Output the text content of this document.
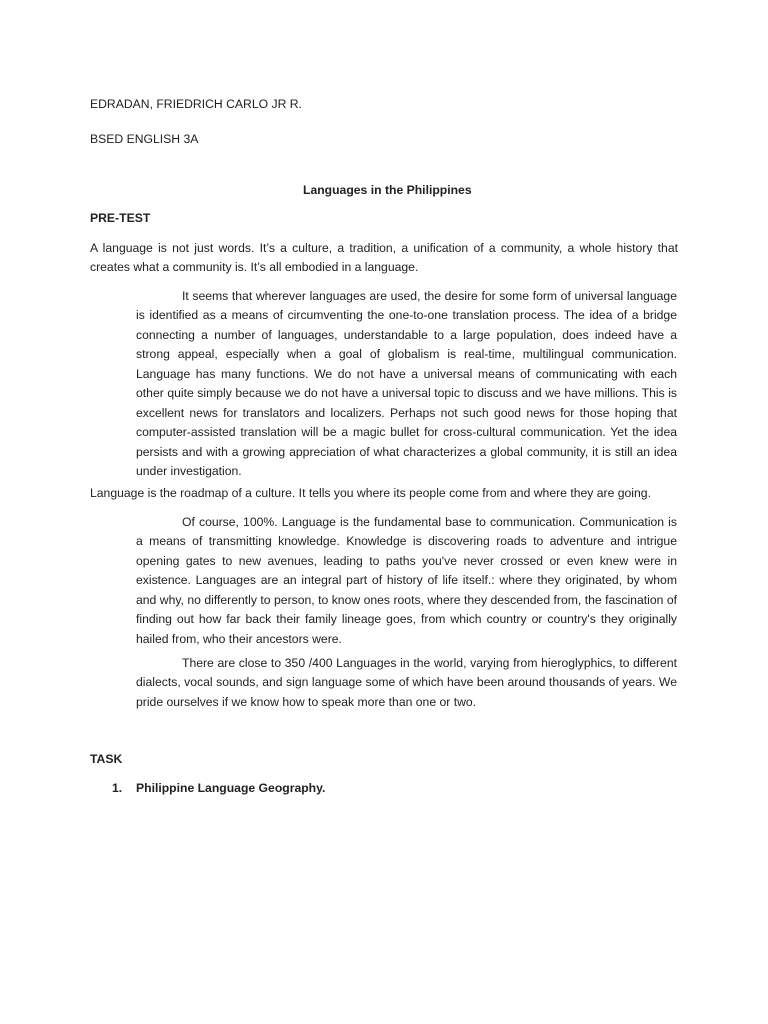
EDRADAN, FRIEDRICH CARLO JR R.
BSED ENGLISH 3A
Languages in the Philippines
PRE-TEST

A language is not just words. It’s a culture, a tradition, a unification of a community, a whole history that creates what a community is. It’s all embodied in a language.

It seems that wherever languages are used, the desire for some form of universal language is identified as a means of circumventing the one-to-one translation process. The idea of a bridge connecting a number of languages, understandable to a large population, does indeed have a strong appeal, especially when a goal of globalism is real-time, multilingual communication. Language has many functions. We do not have a universal means of communicating with each other quite simply because we do not have a universal topic to discuss and we have millions. This is excellent news for translators and localizers. Perhaps not such good news for those hoping that computer-assisted translation will be a magic bullet for cross-cultural communication. Yet the idea persists and with a growing appreciation of what characterizes a global community, it is still an idea under investigation.

Language is the roadmap of a culture. It tells you where its people come from and where they are going.

Of course, 100%. Language is the fundamental base to communication. Communication is a means of transmitting knowledge. Knowledge is discovering roads to adventure and intrigue opening gates to new avenues, leading to paths you've never crossed or even knew were in existence. Languages are an integral part of history of life itself.: where they originated, by whom and why, no differently to person, to know ones roots, where they descended from, the fascination of finding out how far back their family lineage goes, from which country or country's they originally hailed from, who their ancestors were.

There are close to 350 /400 Languages in the world, varying from hieroglyphics, to different dialects, vocal sounds, and sign language some of which have been around thousands of years. We pride ourselves if we know how to speak more than one or two.

TASK
1. Philippine Language Geography.
